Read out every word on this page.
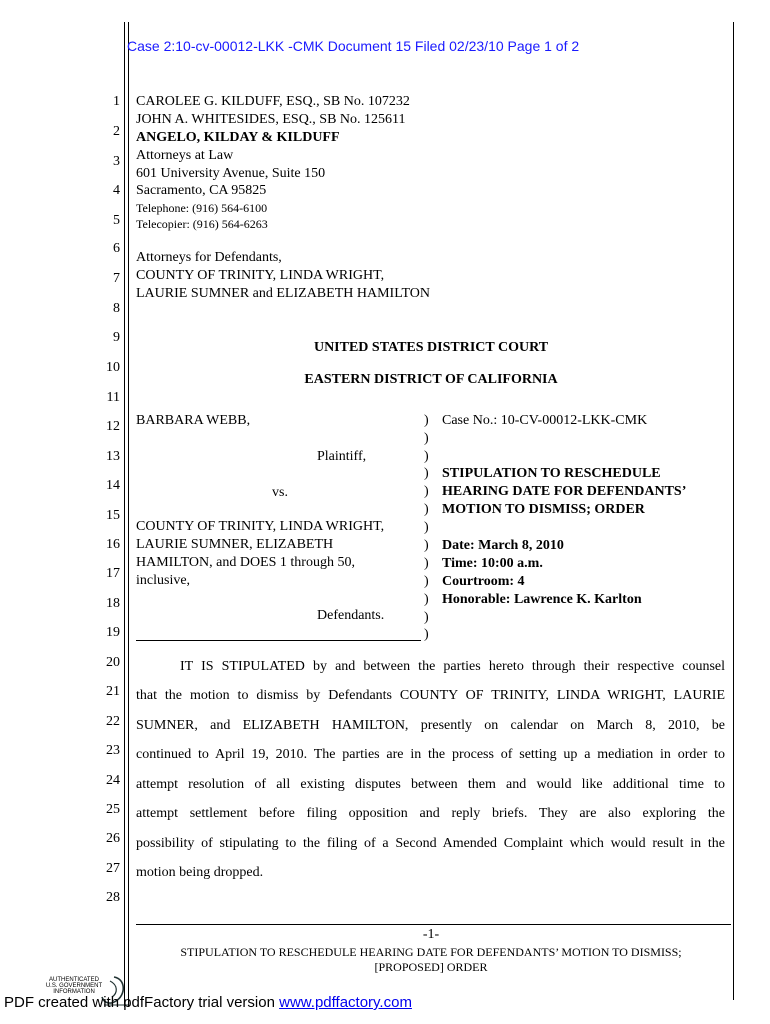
Case 2:10-cv-00012-LKK -CMK Document 15 Filed 02/23/10 Page 1 of 2
1
2
3
4
5
6
7
8
9
10
11
12
13
14
15
16
17
18
19
20
21
22
23
24
25
26
27
28
CAROLEE G. KILDUFF, ESQ., SB No. 107232
JOHN A. WHITESIDES, ESQ., SB No. 125611
ANGELO, KILDAY & KILDUFF
Attorneys at Law
601 University Avenue, Suite 150
Sacramento, CA 95825
Telephone: (916) 564-6100
Telecopier: (916) 564-6263
Attorneys for Defendants,
COUNTY OF TRINITY, LINDA WRIGHT,
LAURIE SUMNER and ELIZABETH HAMILTON
UNITED STATES DISTRICT COURT
EASTERN DISTRICT OF CALIFORNIA
BARBARA WEBB,
Plaintiff,
vs.
COUNTY OF TRINITY, LINDA WRIGHT,
LAURIE SUMNER, ELIZABETH
HAMILTON, and DOES 1 through 50,
inclusive,
Defendants.
)
)
)
)
)
)
)
)
)
)
)
)
)
Case No.: 10-CV-00012-LKK-CMK
STIPULATION TO RESCHEDULE
HEARING DATE FOR DEFENDANTS’
MOTION TO DISMISS; ORDER
Date: March 8, 2010
Time: 10:00 a.m.
Courtroom: 4
Honorable: Lawrence K. Karlton
IT IS STIPULATED by and between the parties hereto through their respective counsel
that the motion to dismiss by Defendants COUNTY OF TRINITY, LINDA WRIGHT, LAURIE
SUMNER, and ELIZABETH HAMILTON, presently on calendar on March 8, 2010, be
continued to April 19, 2010. The parties are in the process of setting up a mediation in order to
attempt resolution of all existing disputes between them and would like additional time to
attempt settlement before filing opposition and reply briefs. They are also exploring the
possibility of stipulating to the filing of a Second Amended Complaint which would result in the
motion being dropped.
-1-
STIPULATION TO RESCHEDULE HEARING DATE FOR DEFENDANTS’ MOTION TO DISMISS;
[PROPOSED] ORDER
AUTHENTICATED
U.S. GOVERNMENT
INFORMATION
PDF created with pdfFactory trial version www.pdffactory.com
